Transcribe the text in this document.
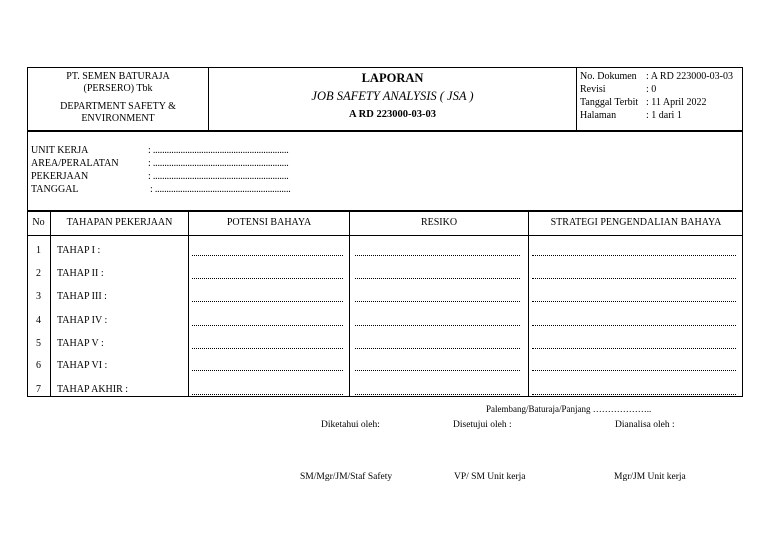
PT. SEMEN BATURAJA
(PERSERO) Tbk
DEPARTMENT SAFETY &
ENVIRONMENT
LAPORAN
JOB SAFETY ANALYSIS ( JSA )
A RD 223000-03-03
No. Dokumen : A RD 223000-03-03
Revisi	: 0
Tanggal Terbit : 11 April 2022
Halaman	: 1 dari 1
UNIT KERJA	: ...........................................................
AREA/PERALATAN	: ...........................................................
PEKERJAAN	: ...........................................................
TANGGAL	: ...........................................................
No	TAHAPAN PEKERJAAN	POTENSI BAHAYA	RESIKO	STRATEGI PENGENDALIAN BAHAYA
1	TAHAP I :
2	TAHAP II :
3	TAHAP III :
4	TAHAP IV :
5	TAHAP V :
6	TAHAP VI :
7	TAHAP AKHIR :
Palembang/Baturaja/Panjang ………………..
Diketahui oleh:	Disetujui oleh :	Dianalisa oleh :
SM/Mgr/JM/Staf Safety	VP/ SM Unit kerja	Mgr/JM Unit kerja
